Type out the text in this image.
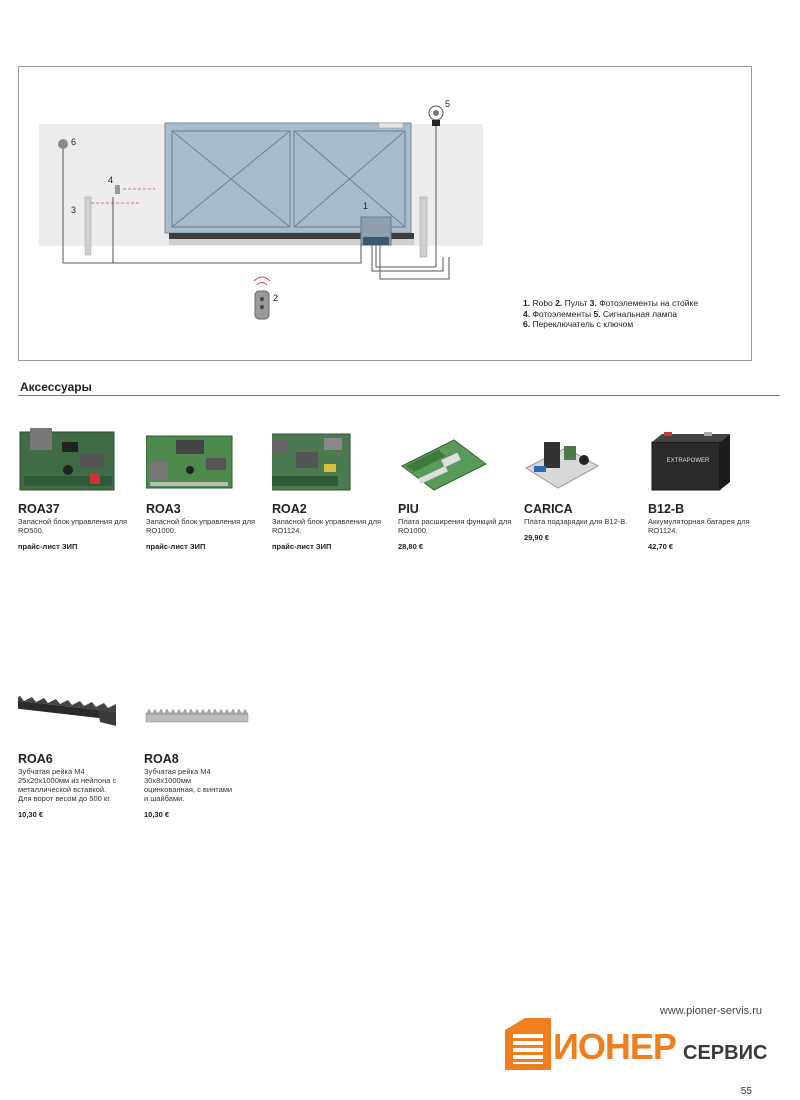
6
4
3	1
5
2	1. Robo 2. Пульт 3. Фотоэлементы на стойке
4. Фотоэлементы 5. Сигнальная лампа
6. Переключатель с ключом
Аксессуары
ROA37
Запасной блок управления для RO500.
прайс-лист ЗИП
ROA3
Запасной блок управления для RO1000.
прайс-лист ЗИП
ROA2
Запасной блок управления для RO1124.
прайс-лист ЗИП
PIU
Плата расширения функций для RO1000.
28,80 €
CARICA
Плата подзарядки для B12-B.
29,90 €
EXTRAPOWER
B12-B
Аккумуляторная батарея для RO1124.
42,70 €
ROA6
Зубчатая рейка М4 25х20х1000мм из нейлона с металлической вставкой. Для ворот весом до 500 кг.
10,30 €
ROA8
Зубчатая рейка М4 30х8х1000мм оцинкованная, с винтами и шайбами.
10,30 €
www.pioner-servis.ru
ИОНЕР СЕРВИС
55
